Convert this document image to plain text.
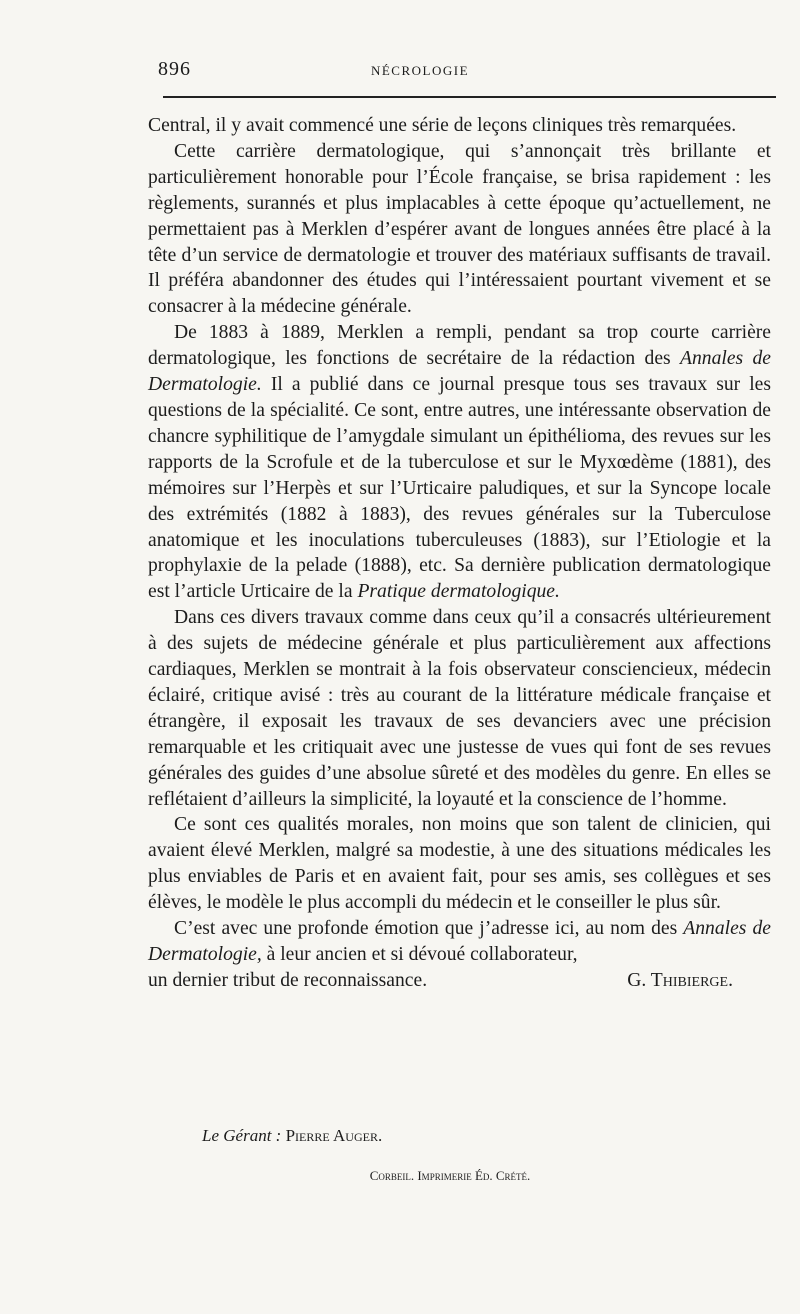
896	NÉCROLOGIE

Central, il y avait commencé une série de leçons cliniques très remarquées.

Cette carrière dermatologique, qui s’annonçait très brillante et particulièrement honorable pour l’École française, se brisa rapidement : les règlements, surannés et plus implacables à cette époque qu’actuellement, ne permettaient pas à Merklen d’espérer avant de longues années être placé à la tête d’un service de dermatologie et trouver des matériaux suffisants de travail. Il préféra abandonner des études qui l’intéressaient pourtant vivement et se consacrer à la médecine générale.

De 1883 à 1889, Merklen a rempli, pendant sa trop courte carrière dermatologique, les fonctions de secrétaire de la rédaction des Annales de Dermatologie. Il a publié dans ce journal presque tous ses travaux sur les questions de la spécialité. Ce sont, entre autres, une intéressante observation de chancre syphilitique de l’amygdale simulant un épithélioma, des revues sur les rapports de la Scrofule et de la tuberculose et sur le Myxœdème (1881), des mémoires sur l’Herpès et sur l’Urticaire paludiques, et sur la Syncope locale des extrémités (1882 à 1883), des revues générales sur la Tuberculose anatomique et les inoculations tuberculeuses (1883), sur l’Etiologie et la prophylaxie de la pelade (1888), etc. Sa dernière publication dermatologique est l’article Urticaire de la Pratique dermatologique.

Dans ces divers travaux comme dans ceux qu’il a consacrés ultérieurement à des sujets de médecine générale et plus particulièrement aux affections cardiaques, Merklen se montrait à la fois observateur consciencieux, médecin éclairé, critique avisé : très au courant de la littérature médicale française et étrangère, il exposait les travaux de ses devanciers avec une précision remarquable et les critiquait avec une justesse de vues qui font de ses revues générales des guides d’une absolue sûreté et des modèles du genre. En elles se reflétaient d’ailleurs la simplicité, la loyauté et la conscience de l’homme.

Ce sont ces qualités morales, non moins que son talent de clinicien, qui avaient élevé Merklen, malgré sa modestie, à une des situations médicales les plus enviables de Paris et en avaient fait, pour ses amis, ses collègues et ses élèves, le modèle le plus accompli du médecin et le conseiller le plus sûr.

C’est avec une profonde émotion que j’adresse ici, au nom des Annales de Dermatologie, à leur ancien et si dévoué collaborateur,

un dernier tribut de reconnaissance.	G. Thibierge.
Le Gérant : Pierre Auger.
Corbeil. Imprimerie Éd. Crété.
